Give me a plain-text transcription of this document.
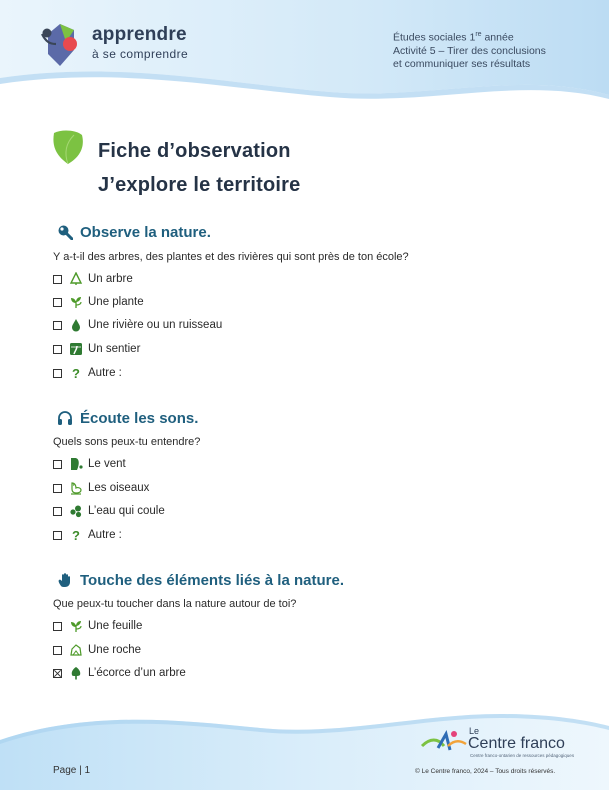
apprendre
à se comprendre
Études sociales 1re année
Activité 5 – Tirer des conclusions
et communiquer ses résultats
Fiche d’observation
J’explore le territoire
Observe la nature.
Y a-t-il des arbres, des plantes et des rivières qui sont près de ton école?
Un arbre
Une plante
Une rivière ou un ruisseau
Un sentier
? Autre :
Écoute les sons.
Quels sons peux-tu entendre?
Le vent
Les oiseaux
L’eau qui coule
? Autre :
Touche des éléments liés à la nature.
Que peux-tu toucher dans la nature autour de toi?
Une feuille
Une roche
L’écorce d’un arbre
Page | 1
Le
Centre franco
Centre franco-ontarien de ressources pédagogiques
© Le Centre franco, 2024 – Tous droits réservés.
